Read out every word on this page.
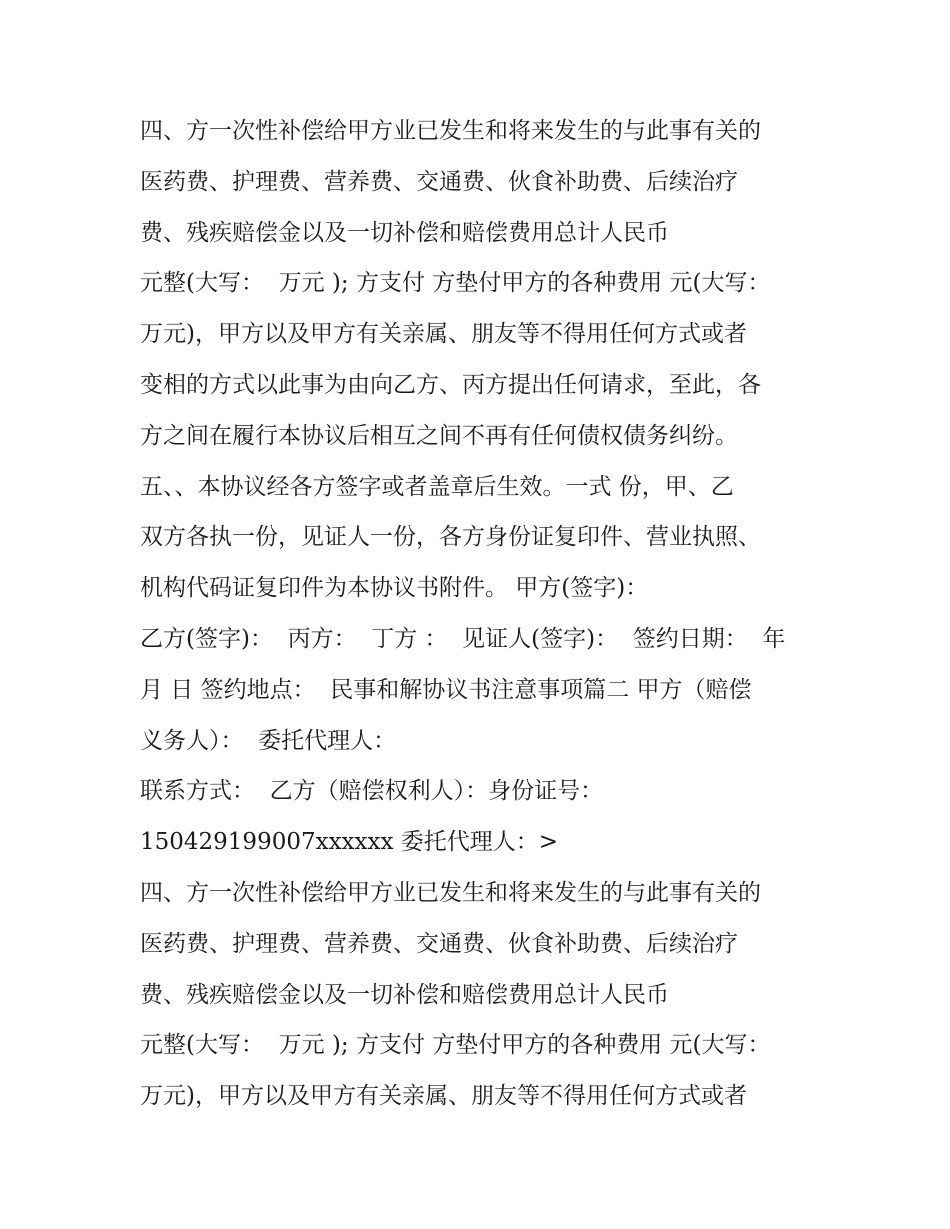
四、方一次性补偿给甲方业已发生和将来发生的与此事有关的
医药费、护理费、营养费、交通费、伙食补助费、后续治疗
费、残疾赔偿金以及一切补偿和赔偿费用总计人民币
元整(大写：  万元 ); 方支付 方垫付甲方的各种费用 元(大写：
万元)，甲方以及甲方有关亲属、朋友等不得用任何方式或者
变相的方式以此事为由向乙方、丙方提出任何请求，至此，各
方之间在履行本协议后相互之间不再有任何债权债务纠纷。
五、、本协议经各方签字或者盖章后生效。一式 份，甲、乙
双方各执一份，见证人一份，各方身份证复印件、营业执照、
机构代码证复印件为本协议书附件。 甲方(签字)：
乙方(签字)：  丙方：  丁方 ：  见证人(签字)：  签约日期：  年
月 日 签约地点：  民事和解协议书注意事项篇二 甲方（赔偿
义务人）：  委托代理人：
联系方式：  乙方（赔偿权利人）：身份证号：
150429199007xxxxxx 委托代理人：>
四、方一次性补偿给甲方业已发生和将来发生的与此事有关的
医药费、护理费、营养费、交通费、伙食补助费、后续治疗
费、残疾赔偿金以及一切补偿和赔偿费用总计人民币
元整(大写：  万元 ); 方支付 方垫付甲方的各种费用 元(大写：
万元)，甲方以及甲方有关亲属、朋友等不得用任何方式或者
